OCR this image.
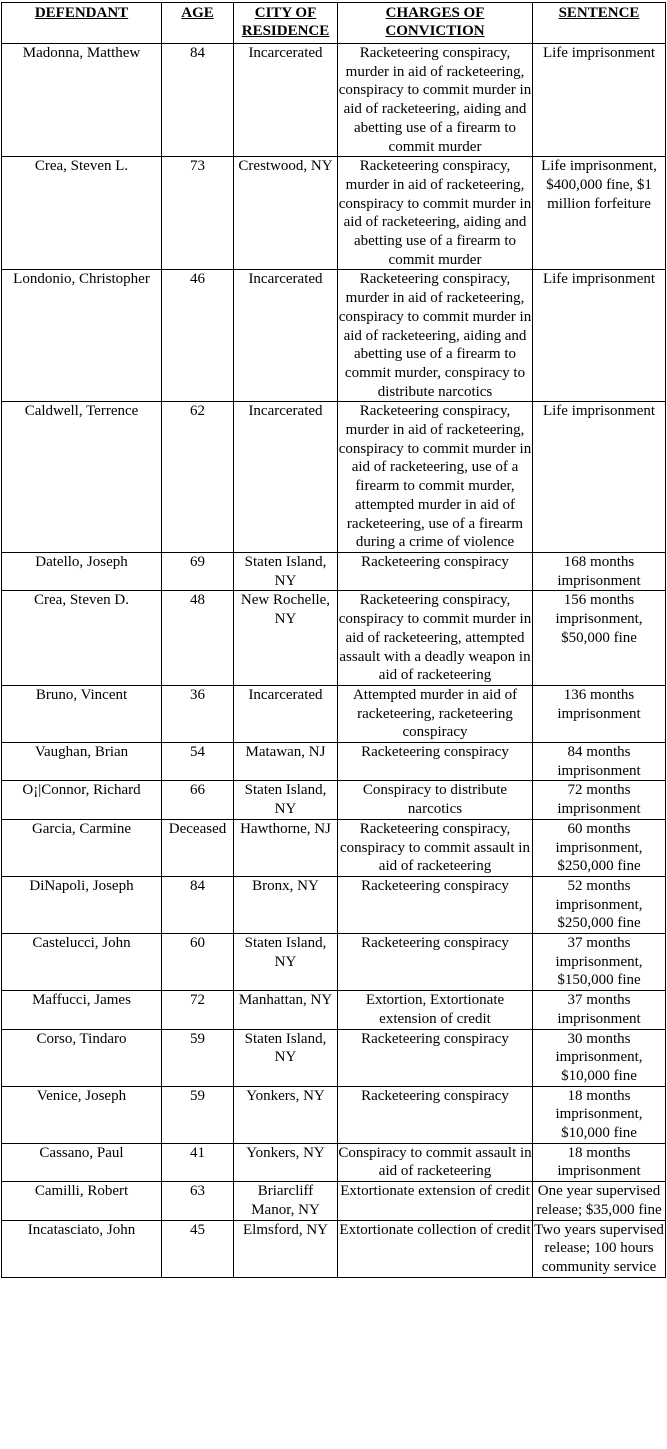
DEFENDANT	AGE	CITY OF RESIDENCE	CHARGES OF CONVICTION	SENTENCE
Madonna, Matthew	84	Incarcerated	Racketeering conspiracy, murder in aid of racketeering, conspiracy to commit murder in aid of racketeering, aiding and abetting use of a firearm to commit murder	Life imprisonment
Crea, Steven L.	73	Crestwood, NY	Racketeering conspiracy, murder in aid of racketeering, conspiracy to commit murder in aid of racketeering, aiding and abetting use of a firearm to commit murder	Life imprisonment, $400,000 fine, $1 million forfeiture
Londonio, Christopher	46	Incarcerated	Racketeering conspiracy, murder in aid of racketeering, conspiracy to commit murder in aid of racketeering, aiding and abetting use of a firearm to commit murder, conspiracy to distribute narcotics	Life imprisonment
Caldwell, Terrence	62	Incarcerated	Racketeering conspiracy, murder in aid of racketeering, conspiracy to commit murder in aid of racketeering, use of a firearm to commit murder, attempted murder in aid of racketeering, use of a firearm during a crime of violence	Life imprisonment
Datello, Joseph	69	Staten Island, NY	Racketeering conspiracy	168 months imprisonment
Crea, Steven D.	48	New Rochelle, NY	Racketeering conspiracy, conspiracy to commit murder in aid of racketeering, attempted assault with a deadly weapon in aid of racketeering	156 months imprisonment, $50,000 fine
Bruno, Vincent	36	Incarcerated	Attempted murder in aid of racketeering, racketeering conspiracy	136 months imprisonment
Vaughan, Brian	54	Matawan, NJ	Racketeering conspiracy	84 months imprisonment
O¡|Connor, Richard	66	Staten Island, NY	Conspiracy to distribute narcotics	72 months imprisonment
Garcia, Carmine	Deceased	Hawthorne, NJ	Racketeering conspiracy, conspiracy to commit assault in aid of racketeering	60 months imprisonment, $250,000 fine
DiNapoli, Joseph	84	Bronx, NY	Racketeering conspiracy	52 months imprisonment, $250,000 fine
Castelucci, John	60	Staten Island, NY	Racketeering conspiracy	37 months imprisonment, $150,000 fine
Maffucci, James	72	Manhattan, NY	Extortion, Extortionate extension of credit	37 months imprisonment
Corso, Tindaro	59	Staten Island, NY	Racketeering conspiracy	30 months imprisonment, $10,000 fine
Venice, Joseph	59	Yonkers, NY	Racketeering conspiracy	18 months imprisonment, $10,000 fine
Cassano, Paul	41	Yonkers, NY	Conspiracy to commit assault in aid of racketeering	18 months imprisonment
Camilli, Robert	63	Briarcliff Manor, NY	Extortionate extension of credit	One year supervised release; $35,000 fine
Incatasciato, John	45	Elmsford, NY	Extortionate collection of credit	Two years supervised release; 100 hours community service
